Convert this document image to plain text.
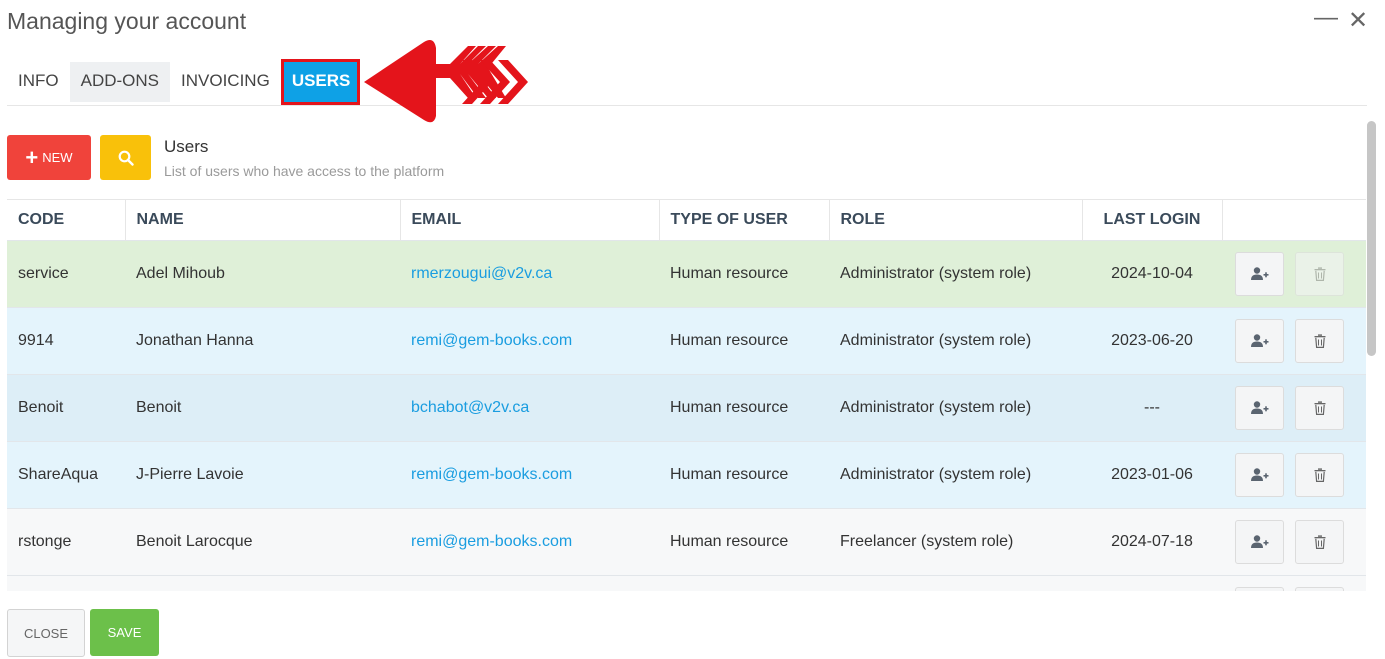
Managing your account	— ✕
INFO	ADD-ONS	INVOICING	USERS
+ NEW
Users
List of users who have access to the platform
CODE	NAME	EMAIL	TYPE OF USER	ROLE	LAST LOGIN	
service	Adel Mihoub	rmerzougui@v2v.ca	Human resource	Administrator (system role)	2024-10-04	

9914	Jonathan Hanna	remi@gem-books.com	Human resource	Administrator (system role)	2023-06-20	

Benoit	Benoit	bchabot@v2v.ca	Human resource	Administrator (system role)	---	

ShareAqua	J-Pierre Lavoie	remi@gem-books.com	Human resource	Administrator (system role)	2023-01-06	

rstonge	Benoit Larocque	remi@gem-books.com	Human resource	Freelancer (system role)	2024-07-18	

CLOSE	SAVE
